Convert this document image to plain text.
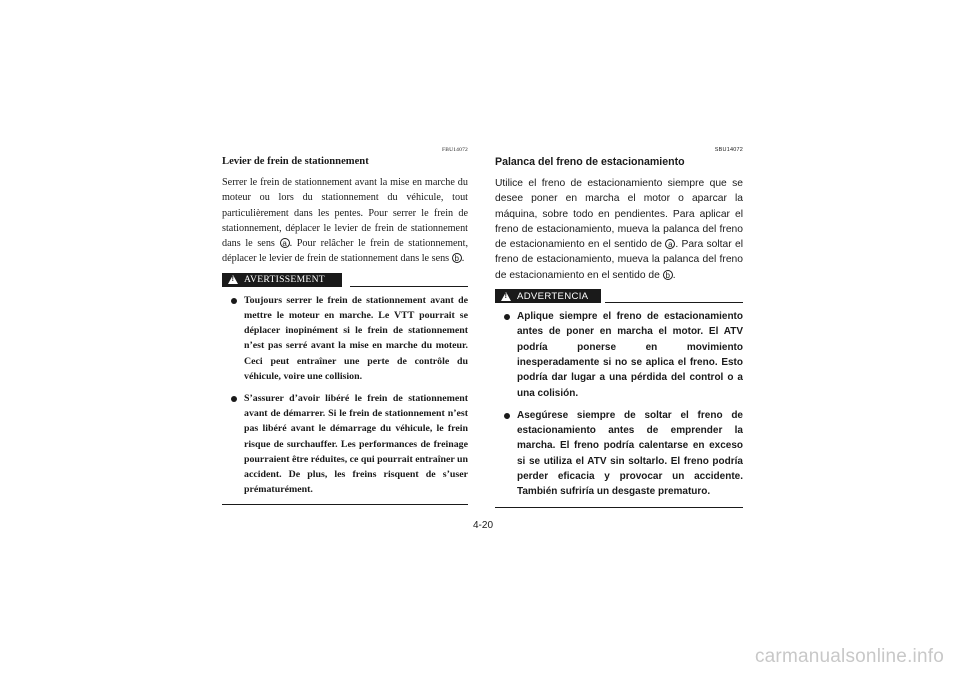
FBU14072
Levier de frein de stationnement

Serrer le frein de stationnement avant la mise en marche du moteur ou lors du stationnement du véhicule, tout particulièrement dans les pentes. Pour serrer le frein de stationnement, déplacer le levier de frein de stationnement dans le sens a . Pour relâcher le frein de stationnement, déplacer le levier de frein de stationnement dans le sens b .

! AVERTISSEMENT
Toujours serrer le frein de stationnement avant de mettre le moteur en marche. Le VTT pourrait se déplacer inopinément si le frein de stationnement n’est pas serré avant la mise en marche du moteur. Ceci peut entraîner une perte de contrôle du véhicule, voire une collision.
S’assurer d’avoir libéré le frein de stationnement avant de démarrer. Si le frein de stationnement n’est pas libéré avant le démarrage du véhicule, le frein risque de surchauffer. Les performances de freinage pourraient être réduites, ce qui pourrait entraîner un accident. De plus, les freins risquent de s’user prématurément.
SBU14072
Palanca del freno de estacionamiento

Utilice el freno de estacionamiento siempre que se desee poner en marcha el motor o aparcar la máquina, sobre todo en pendientes. Para aplicar el freno de estacionamiento, mueva la palanca del freno de estacionamiento en el sentido de a . Para soltar el freno de estacionamiento, mueva la palanca del freno de estacionamiento en el sentido de b .

! ADVERTENCIA
Aplique siempre el freno de estacionamiento antes de poner en marcha el motor. El ATV podría ponerse en movimiento inesperadamente si no se aplica el freno. Esto podría dar lugar a una pérdida del control o a una colisión.
Asegúrese siempre de soltar el freno de estacionamiento antes de emprender la marcha. El freno podría calentarse en exceso si se utiliza el ATV sin soltarlo. El freno podría perder eficacia y provocar un accidente. También sufriría un desgaste prematuro.
4-20
carmanualsonline.info
